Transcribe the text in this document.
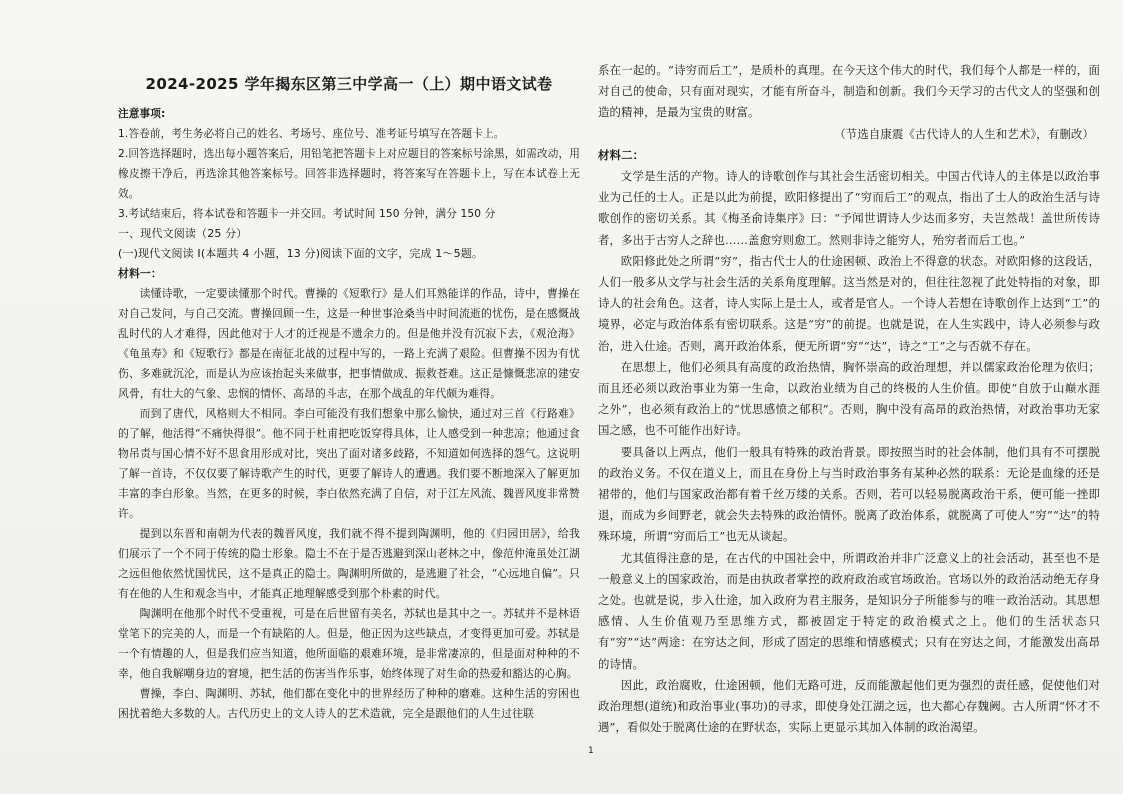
2024-2025 学年揭东区第三中学高一（上）期中语文试卷

注意事项:

1.答卷前，考生务必将自己的姓名、考场号、座位号、准考证号填写在答题卡上。

2.回答选择题时，选出每小题答案后，用铅笔把答题卡上对应题目的答案标号涂黑，如需改动，用橡皮擦干净后，再选涂其他答案标号。回答非选择题时，将答案写在答题卡上，写在本试卷上无效。

3.考试结束后，将本试卷和答题卡一并交回。考试时间 150 分钟，满分 150 分

一、现代文阅读（25 分）

(一)现代文阅读 I(本题共 4 小题，13 分)阅读下面的文字，完成 1～5题。

材料一：

读懂诗歌，一定要读懂那个时代。曹操的《短歌行》是人们耳熟能详的作品，诗中，曹操在对自己发问，与自己交流。曹操回顾一生，这是一种世事沧桑当中时间流逝的忧伤，是在感慨战乱时代的人才难得，因此他对于人才的迁视是不遗余力的。但是他并没有沉寂下去，《观沧海》《龟虽寿》和《短歌行》都是在南征北战的过程中写的，一路上充满了艰险。但曹操不因为有忧伤、多难就沉沦，而是认为应该抬起头来做事，把事情做成、振救苍难。这正是慷慨悲凉的建安风骨，有壮大的气象、忠悯的情怀、高昂的斗志，在那个战乱的年代颇为难得。

而到了唐代，风格则大不相同。李白可能没有我们想象中那么愉快，通过对三首《行路难》的了解，他活得“不痛快得很”。他不同于杜甫把吃饭穿得具体，让人感受到一种悲凉；他通过食物吊责与国心情不好不思食用形成对比，突出了面对诸多歧路，不知道如何选择的怨气。这说明了解一首诗，不仅仅要了解诗歌产生的时代，更要了解诗人的遭遇。我们要不断地深入了解更加丰富的李白形象。当然，在更多的时候，李白依然充满了自信，对于江左风流、魏晋风度非常赞许。

提到以东晋和南朝为代表的魏晋风度，我们就不得不提到陶渊明，他的《归园田居》，给我们展示了一个不同于传统的隐士形象。隐士不在于是否逃避到深山老林之中，像范仲淹虽处江湖之远但他依然忧国忧民，这不是真正的隐士。陶渊明所做的，是逃避了社会，“心远地自偏”。只有在他的人生和观念当中，才能真正地理解感受到那个朴素的时代。

陶渊明在他那个时代不受重视，可是在后世留有美名，苏轼也是其中之一。苏轼并不是林语堂笔下的完美的人，而是一个有缺陷的人。但是，他正因为这些缺点，才变得更加可爱。苏轼是一个有情趣的人，但是我们应当知道，他所面临的艰难环境，是非常凄凉的，但是面对种种的不幸，他自我解嘲身边的窘境，把生活的伤害当作乐事，始终体现了对生命的热爱和豁达的心胸。

曹操，李白、陶渊明、苏轼，他们都在变化中的世界经历了种种的磨难。这种生活的穷困也困扰着绝大多数的人。古代历史上的文人诗人的艺术造就，完全是跟他们的人生过往联

系在一起的。“诗穷而后工”，是质朴的真理。在今天这个伟大的时代，我们每个人都是一样的，面对自己的使命，只有面对现实，才能有所奋斗，制造和创新。我们今天学习的古代文人的坚强和创造的精神，是最为宝贵的财富。

（节选自康震《古代诗人的人生和艺术》，有删改）

材料二：

文学是生活的产物。诗人的诗歌创作与其社会生活密切相关。中国古代诗人的主体是以政治事业为己任的士人。正是以此为前提，欧阳修提出了“穷而后工”的观点，指出了士人的政治生活与诗歌创作的密切关系。其《梅圣俞诗集序》曰：“予闻世谓诗人少达而多穷，夫岂然哉！盖世所传诗者，多出于古穷人之辞也……盖愈穷则愈工。然则非诗之能穷人，殆穷者而后工也。”

欧阳修此处之所谓“穷”，指古代士人的仕途困顿、政治上不得意的状态。对欧阳修的这段话，人们一般多从文学与社会生活的关系角度理解。这当然是对的，但往往忽视了此处特指的对象，即诗人的社会角色。这者，诗人实际上是士人，或者是官人。一个诗人若想在诗歌创作上达到“工”的境界，必定与政治体系有密切联系。这是“穷”的前提。也就是说，在人生实践中，诗人必须参与政治，进入仕途。否则，离开政治体系，便无所谓“穷”“达”，诗之“工”之与否就不存在。

在思想上，他们必须具有高度的政治热情，胸怀崇高的政治理想，并以儒家政治伦理为依归；而且还必须以政治事业为第一生命，以政治业绩为自己的终极的人生价值。即使“自放于山巅水涯之外”，也必须有政治上的“忧思感愤之郁积”。否则，胸中没有高昂的政治热情，对政治事功无家国之感，也不可能作出好诗。

要具备以上两点，他们一般具有特殊的政治背景。即按照当时的社会体制，他们具有不可摆脱的政治义务。不仅在道义上，而且在身份上与当时政治事务有某种必然的联系：无论是血缘的还是裙带的，他们与国家政治都有着千丝万缕的关系。否则，若可以轻易脱离政治干系，便可能一挫即退，而成为乡间野老，就会失去特殊的政治情怀。脱离了政治体系，就脱离了可使人“穷”“达”的特殊环境，所谓“穷而后工”也无从谈起。

尤其值得注意的是，在古代的中国社会中，所谓政治并非广泛意义上的社会活动，甚至也不是一般意义上的国家政治，而是由执政者掌控的政府政治或官场政治。官场以外的政治活动绝无存身之处。也就是说，步入仕途，加入政府为君主服务，是知识分子所能参与的唯一政治活动。其思想感情、人生价值观乃至思维方式，都被固定于特定的政治模式之上。他们的生活状态只有“穷”“达”两途：在穷达之间，形成了固定的思维和情感模式；只有在穷达之间，才能激发出高昂的诗情。

因此，政治腐败，仕途困顿，他们无路可进，反而能激起他们更为强烈的责任感，促使他们对政治理想(道统)和政治事业(事功)的寻求，即使身处江湖之远，也大都心存魏阙。古人所谓“怀才不遇”，看似处于脱离仕途的在野状态，实际上更显示其加入体制的政治渴望。

1
